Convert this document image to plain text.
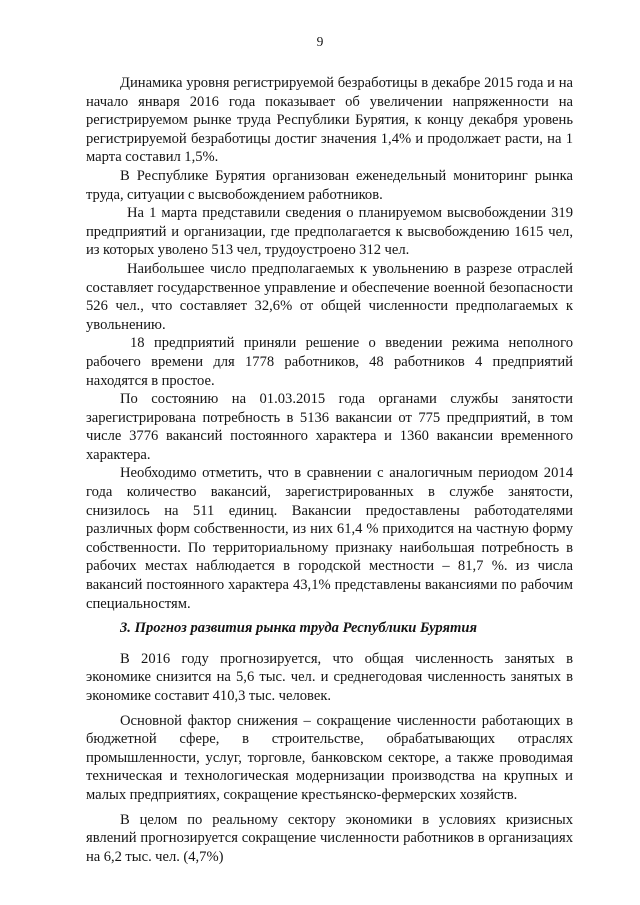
9

Динамика уровня регистрируемой безработицы в декабре 2015 года и на начало января 2016 года показывает об увеличении напряженности на регистрируемом рынке труда Республики Бурятия, к концу декабря уровень регистрируемой безработицы достиг значения 1,4% и продолжает расти, на 1 марта составил 1,5%.

В Республике Бурятия организован еженедельный мониторинг рынка труда, ситуации с высвобождением работников.

На 1 марта представили сведения о планируемом высвобождении 319 предприятий и организации, где предполагается к высвобождению 1615 чел, из которых уволено 513 чел, трудоустроено 312 чел.

Наибольшее число предполагаемых к увольнению в разрезе отраслей составляет государственное управление и обеспечение военной безопасности 526 чел., что составляет 32,6% от общей численности предполагаемых к увольнению.

18 предприятий приняли решение о введении режима неполного рабочего времени для 1778 работников, 48 работников 4 предприятий находятся в простое.

По состоянию на 01.03.2015 года органами службы занятости зарегистрирована потребность в 5136 вакансии от 775 предприятий, в том числе 3776 вакансий постоянного характера и 1360 вакансии временного характера.

Необходимо отметить, что в сравнении с аналогичным периодом 2014 года количество вакансий, зарегистрированных в службе занятости, снизилось на 511 единиц. Вакансии предоставлены работодателями различных форм собственности, из них 61,4 % приходится на частную форму собственности. По территориальному признаку наибольшая потребность в рабочих местах наблюдается в городской местности – 81,7 %. из числа вакансий постоянного характера 43,1% представлены вакансиями по рабочим специальностям.

3. Прогноз развития рынка труда Республики Бурятия

В 2016 году прогнозируется, что общая численность занятых в экономике снизится на 5,6 тыс. чел. и среднегодовая численность занятых в экономике составит 410,3 тыс. человек.

Основной фактор снижения – сокращение численности работающих в бюджетной сфере, в строительстве, обрабатывающих отраслях промышленности, услуг, торговле, банковском секторе, а также проводимая техническая и технологическая модернизации производства на крупных и малых предприятиях, сокращение крестьянско-фермерских хозяйств.

В целом по реальному сектору экономики в условиях кризисных явлений прогнозируется сокращение численности работников в организациях на 6,2 тыс. чел. (4,7%)
